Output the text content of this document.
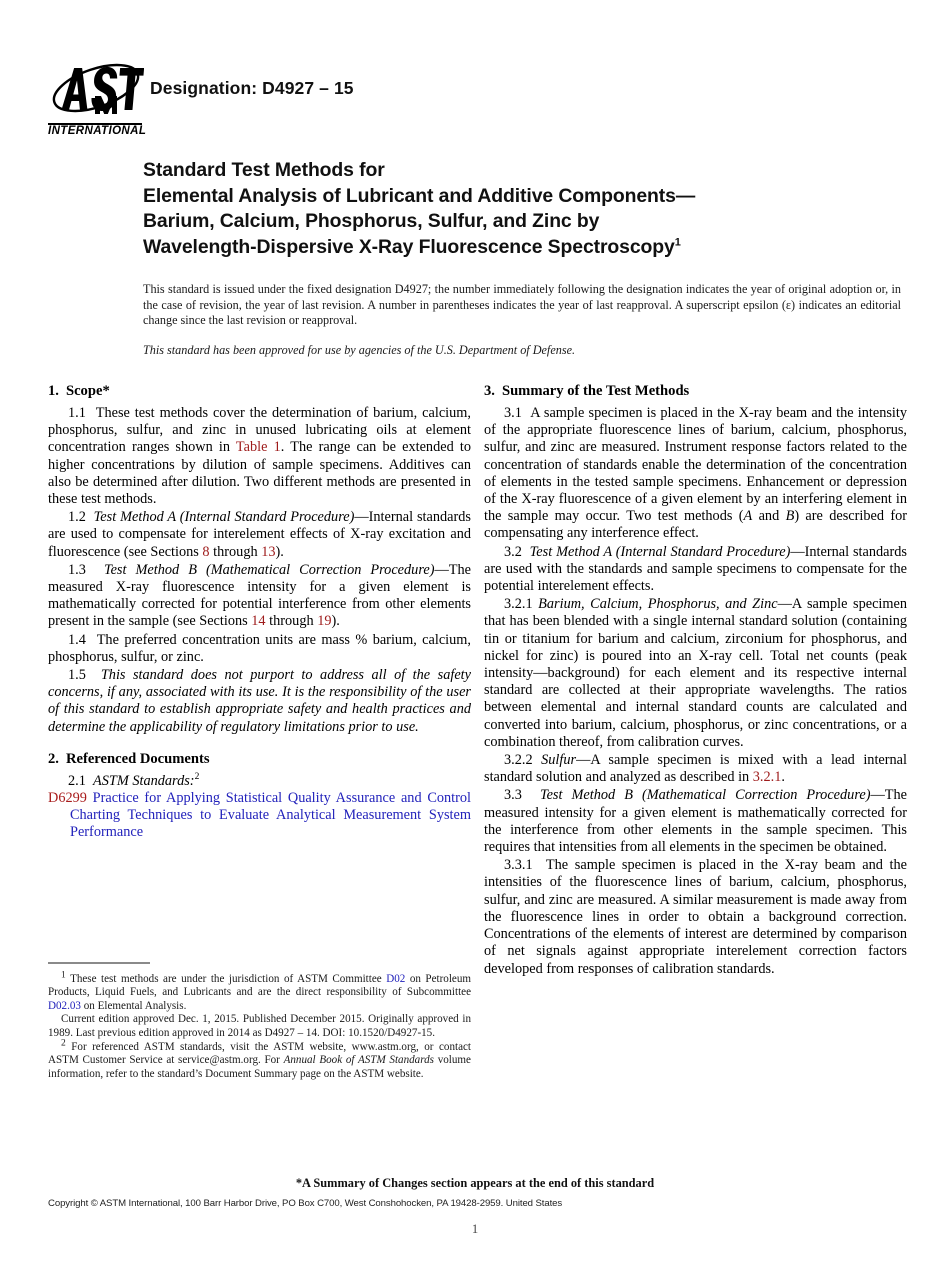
INTERNATIONAL
Designation: D4927 – 15
Standard Test Methods for
Elemental Analysis of Lubricant and Additive Components—
Barium, Calcium, Phosphorus, Sulfur, and Zinc by
Wavelength-Dispersive X-Ray Fluorescence Spectroscopy$^1$

This standard is issued under the fixed designation D4927; the number immediately following the designation indicates the year of original adoption or, in the case of revision, the year of last revision. A number in parentheses indicates the year of last reapproval. A superscript epsilon (ε) indicates an editorial change since the last revision or reapproval.

This standard has been approved for use by agencies of the U.S. Department of Defense.

1. Scope*

1.1 These test methods cover the determination of barium, calcium, phosphorus, sulfur, and zinc in unused lubricating oils at element concentration ranges shown in Table 1. The range can be extended to higher concentrations by dilution of sample specimens. Additives can also be determined after dilution. Two different methods are presented in these test methods.

1.2 Test Method A (Internal Standard Procedure)—Internal standards are used to compensate for interelement effects of X-ray excitation and fluorescence (see Sections 8 through 13).

1.3 Test Method B (Mathematical Correction Procedure)—The measured X-ray fluorescence intensity for a given element is mathematically corrected for potential interference from other elements present in the sample (see Sections 14 through 19).

1.4 The preferred concentration units are mass % barium, calcium, phosphorus, sulfur, or zinc.

1.5 This standard does not purport to address all of the safety concerns, if any, associated with its use. It is the responsibility of the user of this standard to establish appropriate safety and health practices and determine the applicability of regulatory limitations prior to use.

2. Referenced Documents

2.1 ASTM Standards:$^2$

D6299 Practice for Applying Statistical Quality Assurance and Control Charting Techniques to Evaluate Analytical Measurement System Performance

3. Summary of the Test Methods

3.1 A sample specimen is placed in the X-ray beam and the intensity of the appropriate fluorescence lines of barium, calcium, phosphorus, sulfur, and zinc are measured. Instrument response factors related to the concentration of standards enable the determination of the concentration of elements in the tested sample specimens. Enhancement or depression of the X-ray fluorescence of a given element by an interfering element in the sample may occur. Two test methods (A and B) are described for compensating any interference effect.

3.2 Test Method A (Internal Standard Procedure)—Internal standards are used with the standards and sample specimens to compensate for the potential interelement effects.

3.2.1 Barium, Calcium, Phosphorus, and Zinc—A sample specimen that has been blended with a single internal standard solution (containing tin or titanium for barium and calcium, zirconium for phosphorus, and nickel for zinc) is poured into an X-ray cell. Total net counts (peak intensity—background) for each element and its respective internal standard are collected at their appropriate wavelengths. The ratios between elemental and internal standard counts are calculated and converted into barium, calcium, phosphorus, or zinc concentrations, or a combination thereof, from calibration curves.

3.2.2 Sulfur—A sample specimen is mixed with a lead internal standard solution and analyzed as described in 3.2.1.

3.3 Test Method B (Mathematical Correction Procedure)—The measured intensity for a given element is mathematically corrected for the interference from other elements in the sample specimen. This requires that intensities from all elements in the specimen be obtained.

3.3.1 The sample specimen is placed in the X-ray beam and the intensities of the fluorescence lines of barium, calcium, phosphorus, sulfur, and zinc are measured. A similar measurement is made away from the fluorescence lines in order to obtain a background correction. Concentrations of the elements of interest are determined by comparison of net signals against appropriate interelement correction factors developed from responses of calibration standards.

$^1$ These test methods are under the jurisdiction of ASTM Committee D02 on Petroleum Products, Liquid Fuels, and Lubricants and are the direct responsibility of Subcommittee D02.03 on Elemental Analysis.

Current edition approved Dec. 1, 2015. Published December 2015. Originally approved in 1989. Last previous edition approved in 2014 as D4927 – 14. DOI: 10.1520/D4927-15.

$^2$ For referenced ASTM standards, visit the ASTM website, www.astm.org, or contact ASTM Customer Service at service@astm.org. For Annual Book of ASTM Standards volume information, refer to the standard’s Document Summary page on the ASTM website.

*A Summary of Changes section appears at the end of this standard
Copyright © ASTM International, 100 Barr Harbor Drive, PO Box C700, West Conshohocken, PA 19428-2959. United States
1
